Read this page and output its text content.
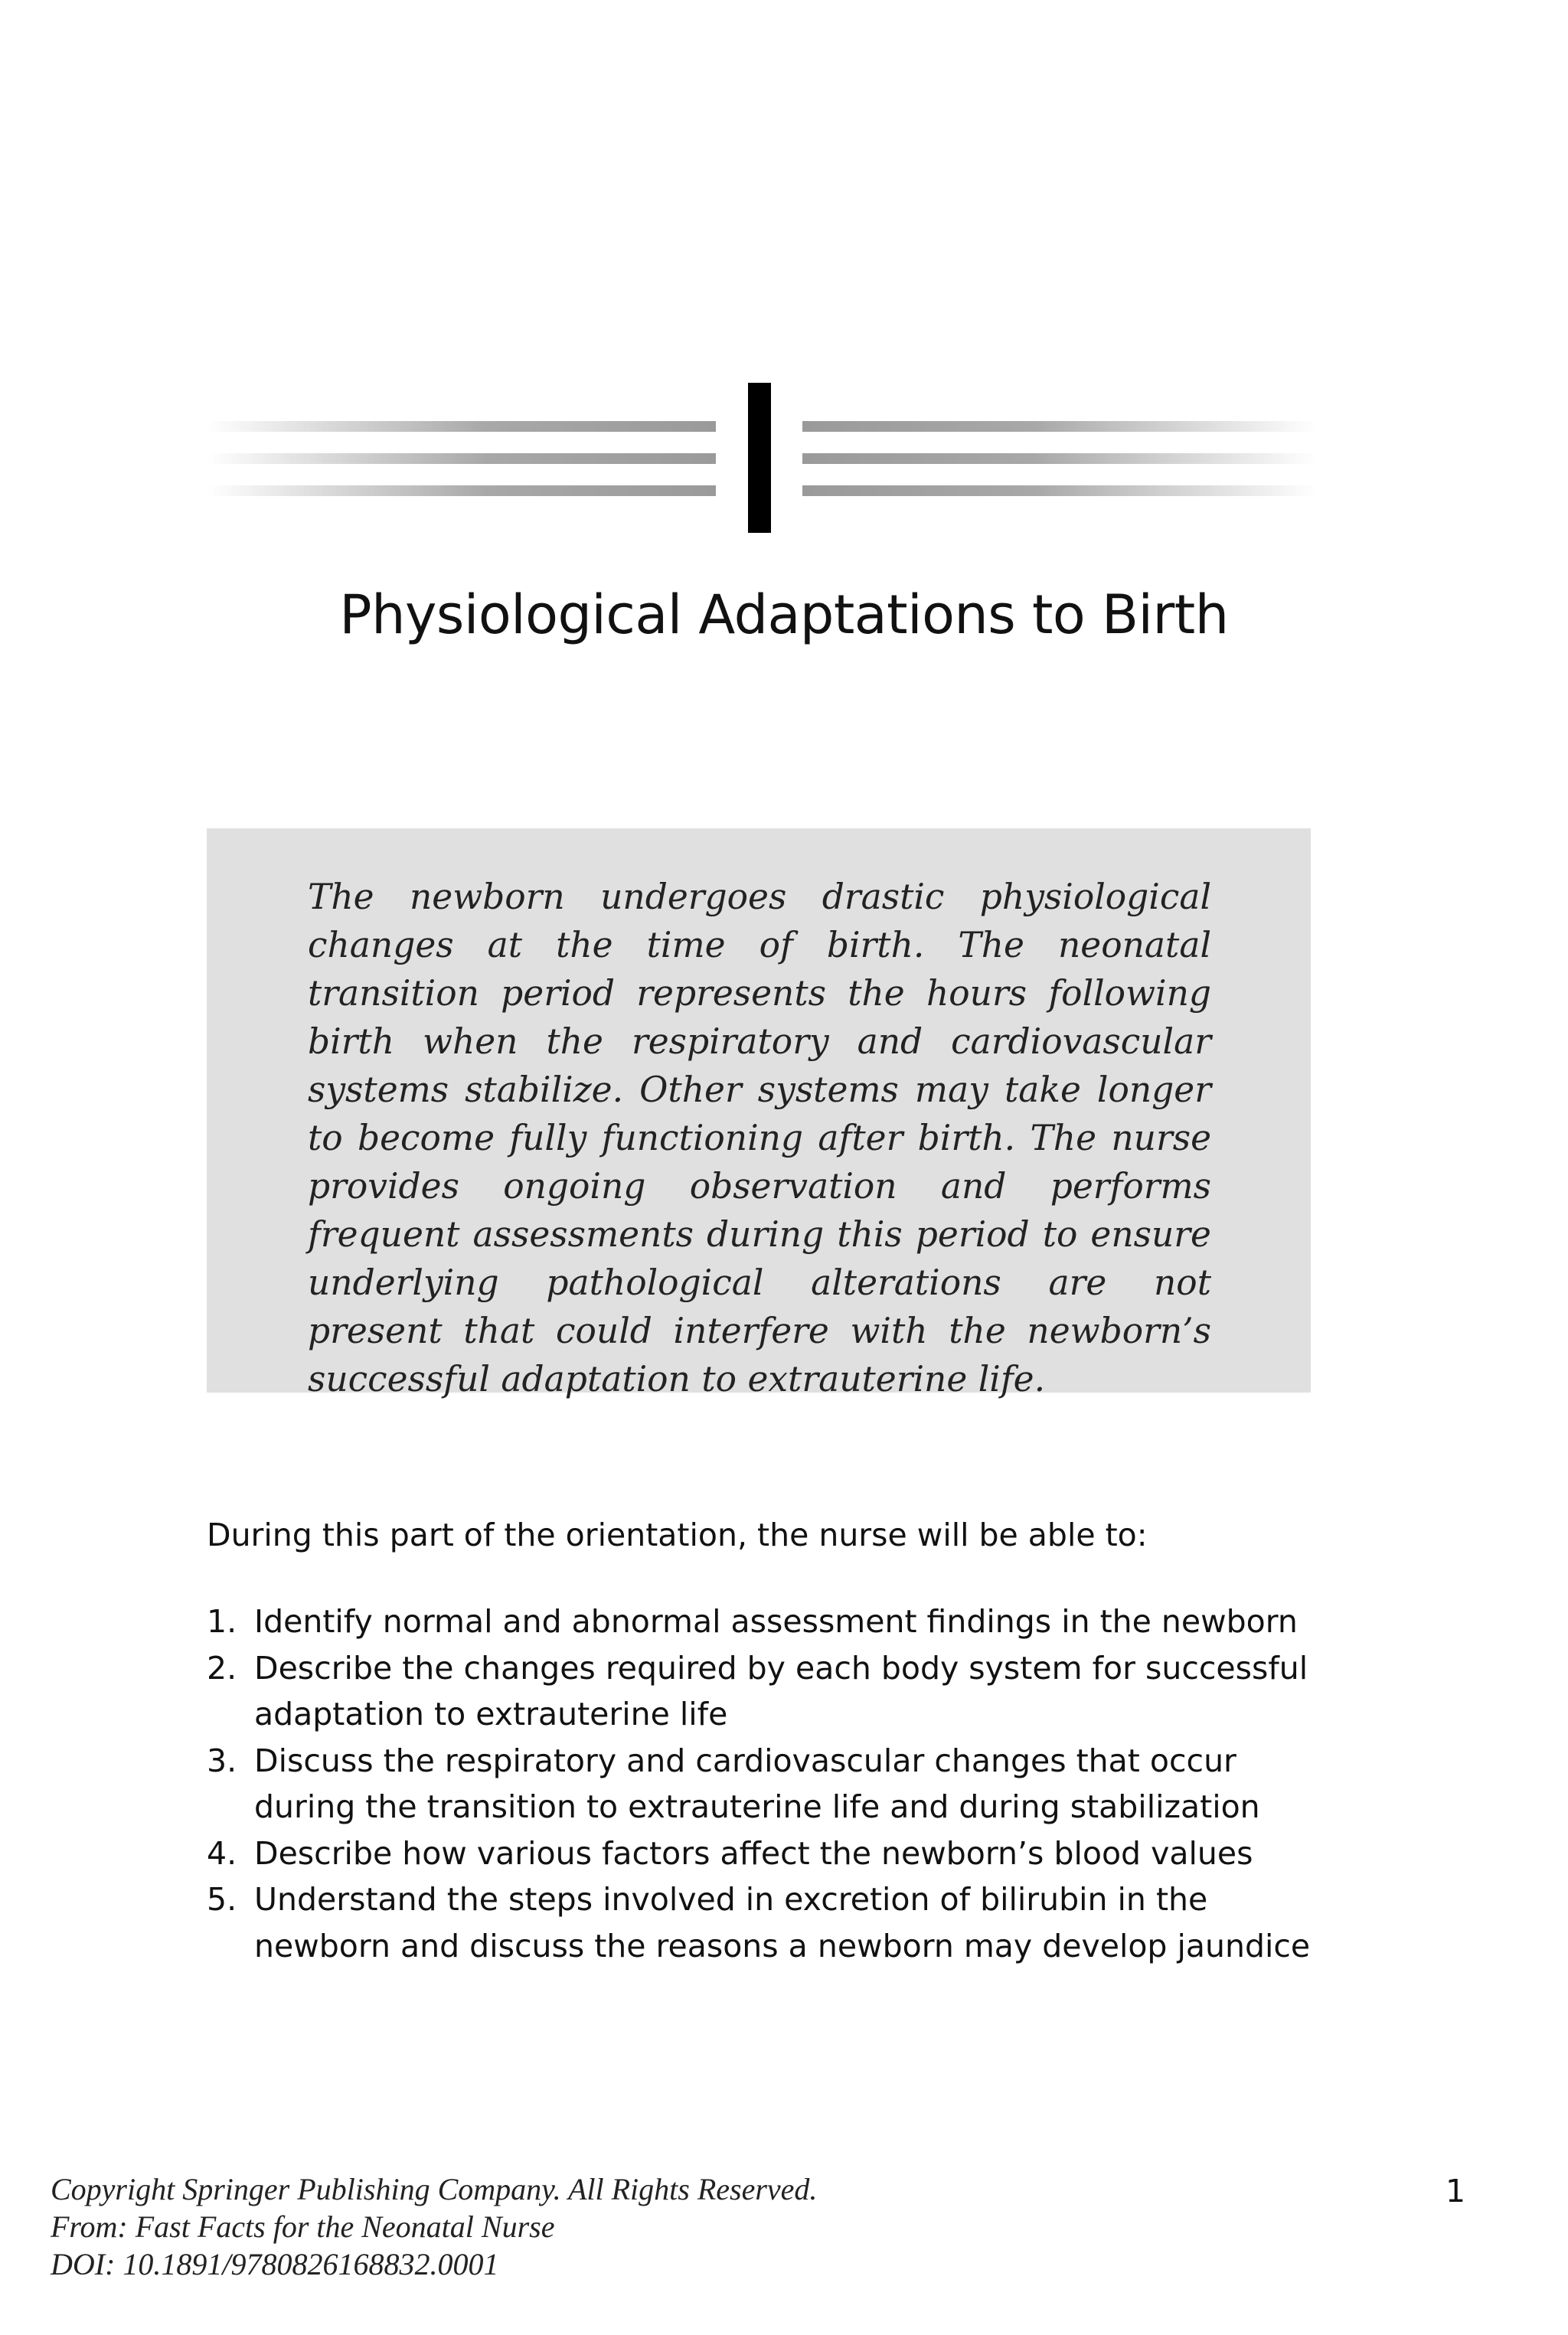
Physiological Adaptations to Birth

The newborn undergoes drastic physiological changes at the time of birth. The neonatal transition period represents the hours following birth when the respiratory and cardiovascular systems stabilize. Other systems may take longer to become fully functioning after birth. The nurse provides ongoing observation and performs frequent assessments during this period to ensure underlying pathological alterations are not present that could interfere with the newborn’s successful adaptation to extrauterine life.

During this part of the orientation, the nurse will be able to:

1. Identify normal and abnormal assessment findings in the newborn
2. Describe the changes required by each body system for successful adaptation to extrauterine life
3. Discuss the respiratory and cardiovascular changes that occur during the transition to extrauterine life and during stabilization
4. Describe how various factors affect the newborn’s blood values
5. Understand the steps involved in excretion of bilirubin in the newborn and discuss the reasons a newborn may develop jaundice
Copyright Springer Publishing Company. All Rights Reserved.
From: Fast Facts for the Neonatal Nurse
DOI: 10.1891/9780826168832.0001
1
